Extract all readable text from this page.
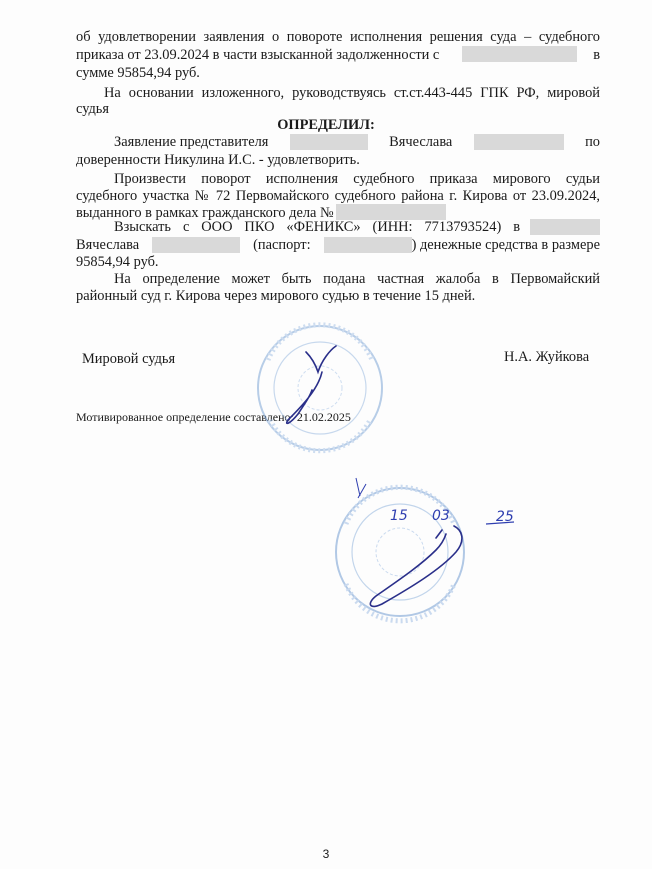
об удовлетворении заявления о повороте исполнения решения суда – судебного
приказа от 23.09.2024 в части взысканной задолженности с	в
сумме 95854,94 руб.
На основании изложенного, руководствуясь ст.ст.443-445 ГПК РФ, мировой
судья
ОПРЕДЕЛИЛ:
Заявление представителя	Вячеслава	по
доверенности Никулина И.С. - удовлетворить.
Произвести поворот исполнения судебного приказа мирового судьи
судебного участка № 72 Первомайского судебного района г. Кирова от 23.09.2024,
выданного в рамках гражданского дела №
Взыскать с ООО ПКО «ФЕНИКС» (ИНН: 7713793524) в
Вячеслава	(паспорт:	) денежные средства в размере
95854,94 руб.
На определение может быть подана частная жалоба в Первомайский
районный суд г. Кирова через мирового судью в течение 15 дней.
Мировой судья	Н.А. Жуйкова
Мотивированное определение составлено: 21.02.2025
15 03	25
3
